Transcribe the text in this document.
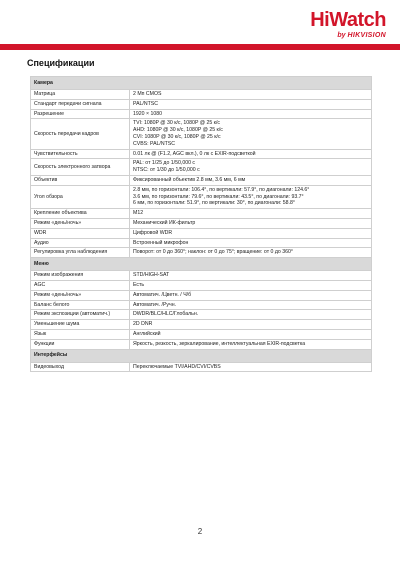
HiWatch
by HIKVISION
Спецификации
Камера	
Матрица	2 Мп CMOS

Стандарт передачи сигнала	PAL/NTSC

Разрешение	1920 × 1080

Скорость передачи кадров	TVI: 1080P @ 30 к/с, 1080P @ 25 к/с
AHD: 1080P @ 30 к/с, 1080P @ 25 к/с
CVI: 1080P @ 30 к/с, 1080P @ 25 к/с
CVBS: PAL/NTSC

Чувствительность	0.01 лк @ (F1.2, AGC вкл.), 0 лк с EXIR-подсветкой

Скорость электронного затвора	PAL: от 1/25 до 1/50,000 с
NTSC: от 1/30 до 1/50,000 с

Объектив	Фиксированный объектив 2.8 мм, 3.6 мм, 6 мм

Угол обзора	2.8 мм, по горизонтали: 106.4°, по вертикали: 57.9°, по диагонали: 124.6°
3.6 мм, по горизонтали: 79.6°, по вертикали: 43.5°, по диагонали: 93.7°
6 мм, по горизонтали: 51.9°, по вертикали: 30°, по диагонали: 58.8°

Крепление объектива	M12

Режим «день/ночь»	Механический ИК-фильтр

WDR	Цифровой WDR

Аудио	Встроенный микрофон

Регулировка угла наблюдения	Поворот: от 0 до 360°; наклон: от 0 до 75°; вращение: от 0 до 360°

Меню	
Режим изображения	STD/HIGH-SAT

AGC	Есть

Режим «день/ночь»	Автоматич. /Цветн. / Ч/б

Баланс белого	Автоматич. /Ручн.

Режим экспозиции (автоматич.)	DWDR/BLC/HLC/Глобальн.

Уменьшение шума	2D DNR

Язык	Английский

Функции	Яркость, резкость, зеркалирование, интеллектуальная EXIR-подсветка

Интерфейсы	
Видеовыход	Переключаемые TVI/AHD/CVI/CVBS
2
